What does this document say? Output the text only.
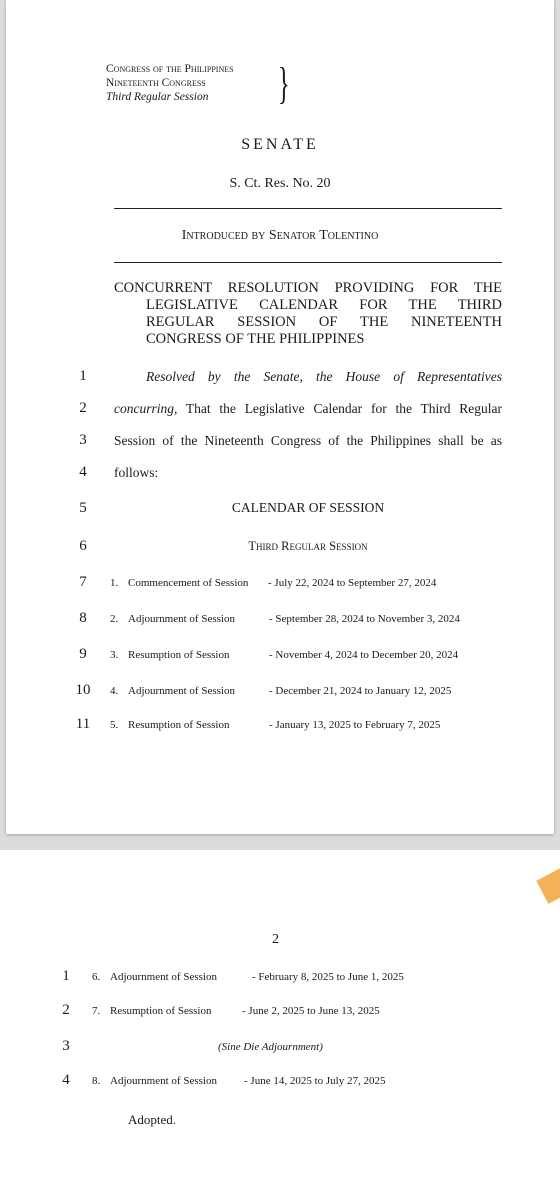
Congress of the Philippines
Nineteenth Congress
Third Regular Session }
SENATE
S. Ct. Res. No. 20
Introduced by Senator Tolentino
CONCURRENT RESOLUTION PROVIDING FOR THE
LEGISLATIVE CALENDAR FOR THE THIRD
REGULAR SESSION OF THE NINETEENTH
CONGRESS OF THE PHILIPPINES
1
2
3
4
5
6
7
8
9
10
11
Resolved by the Senate, the House of Representatives
concurring, That the Legislative Calendar for the Third Regular
Session of the Nineteenth Congress of the Philippines shall be as
follows:
CALENDAR OF SESSION
Third Regular Session
1. Commencement of Session - July 22, 2024 to September 27, 2024
2. Adjournment of Session	- September 28, 2024 to November 3, 2024
3. Resumption of Session	- November 4, 2024 to December 20, 2024
4. Adjournment of Session	- December 21, 2024 to January 12, 2025
5. Resumption of Session	- January 13, 2025 to February 7, 2025
2
1
2
3
4
6. Adjournment of Session	- February 8, 2025 to June 1, 2025
7. Resumption of Session	- June 2, 2025 to June 13, 2025
8. Adjournment of Session - June 14, 2025 to July 27, 2025
(Sine Die Adjournment)
Adopted.
